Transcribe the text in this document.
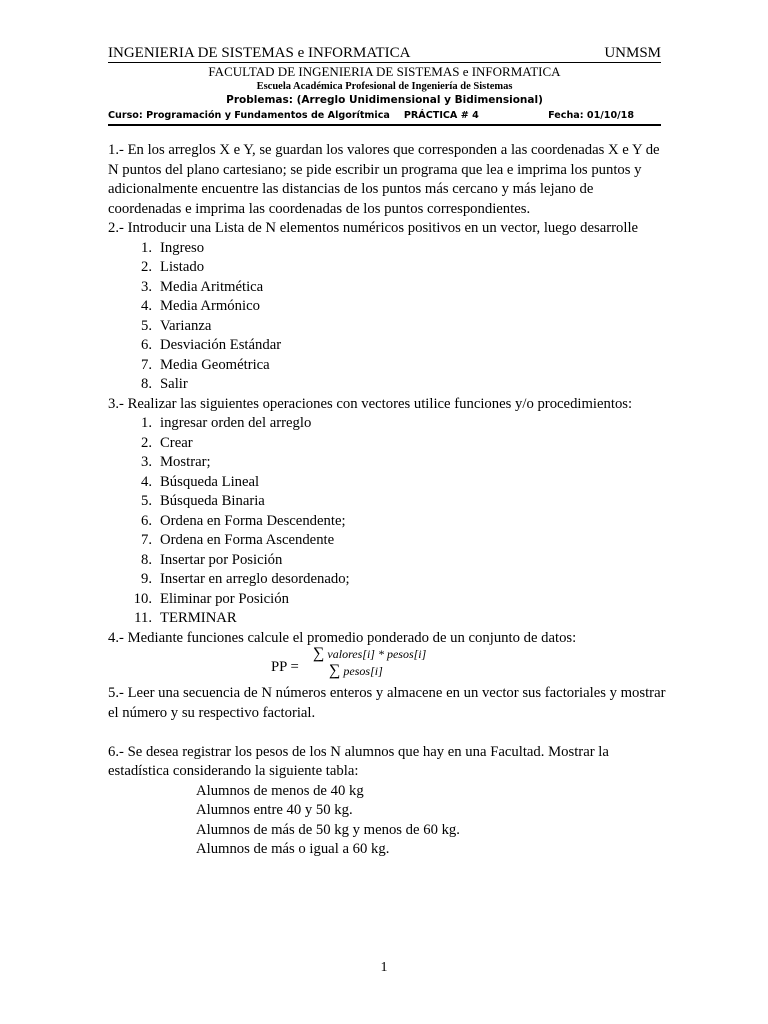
INGENIERIA DE SISTEMAS e INFORMATICA	UNMSM
FACULTAD DE INGENIERIA DE SISTEMAS e INFORMATICA
Escuela Académica Profesional de Ingeniería de Sistemas
Problemas: (Arreglo Unidimensional y Bidimensional)
Curso: Programación y Fundamentos de Algorítmica PRÁCTICA # 4	Fecha: 01/10/18

1.- En los arreglos X e Y, se guardan los valores que corresponden a las coordenadas X e Y de N puntos del plano cartesiano; se pide escribir un programa que lea e imprima los puntos y adicionalmente encuentre las distancias de los puntos más cercano y más lejano de coordenadas e imprima las coordenadas de los puntos correspondientes.

2.- Introducir una Lista de N elementos numéricos positivos en un vector, luego desarrolle

1. Ingreso
2. Listado
3. Media Aritmética
4. Media Armónico
5. Varianza
6. Desviación Estándar
7. Media Geométrica
8. Salir

3.- Realizar las siguientes operaciones con vectores utilice funciones y/o procedimientos:

1. ingresar orden del arreglo
2. Crear
3. Mostrar;
4. Búsqueda Lineal
5. Búsqueda Binaria
6. Ordena en Forma Descendente;
7. Ordena en Forma Ascendente
8. Insertar por Posición
9. Insertar en arreglo desordenado;
10. Eliminar por Posición
11. TERMINAR

4.- Mediante funciones calcule el promedio ponderado de un conjunto de datos:

PP =
∑ valores[i] * pesos[i]
∑ pesos[i]

5.- Leer una secuencia de N números enteros y almacene en un vector sus factoriales y mostrar el número y su respectivo factorial.

6.- Se desea registrar los pesos de los N alumnos que hay en una Facultad. Mostrar la estadística considerando la siguiente tabla:

Alumnos de menos de 40 kg
Alumnos entre 40 y 50 kg.
Alumnos de más de 50 kg y menos de 60 kg.
Alumnos de más o igual a 60 kg.
1
